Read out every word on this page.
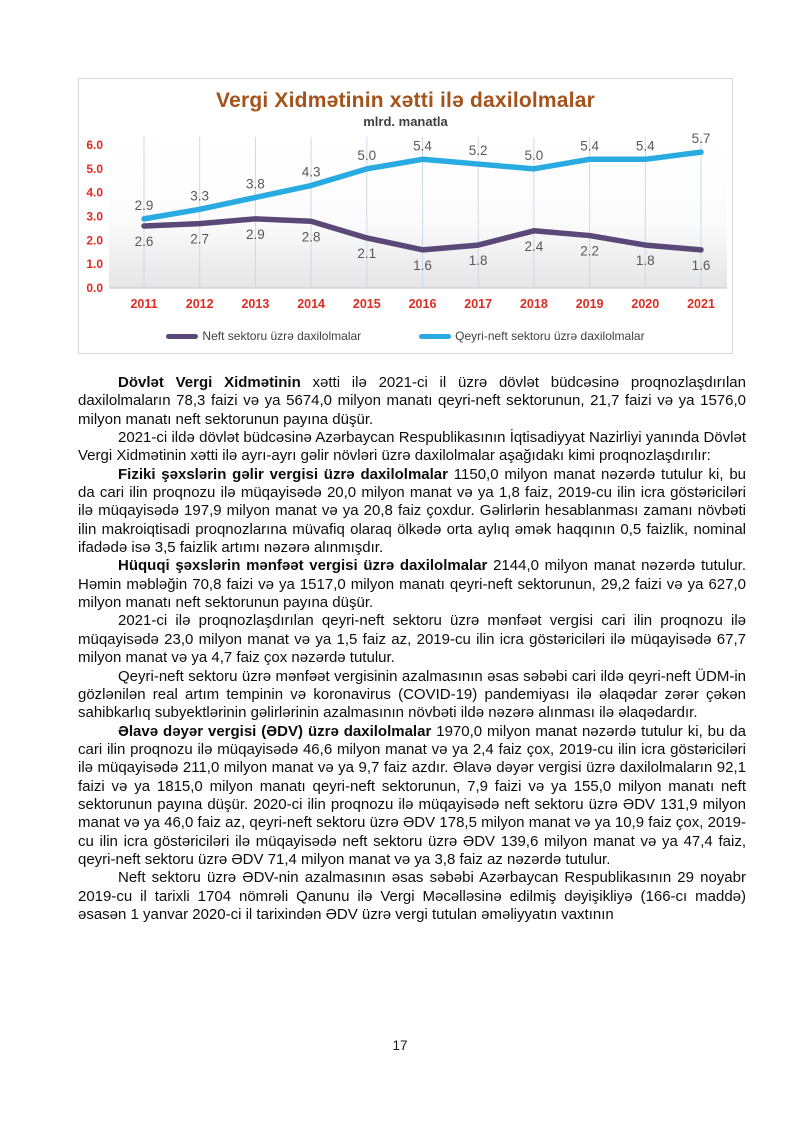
Vergi Xidmətinin xətti ilə daxilolmalar
mlrd. manatla
0.0
1.0
2.0
3.0
4.0
5.0
6.0
2011 2012 2013 2014 2015 2016 2017 2018 2019 2020 2021
2.6	2.7	2.9	2.8
2.1
1.6	1.8
2.4	2.2
1.8	1.6
2.9
3.3
3.8
4.3
5.0
5.4	5.2	5.0
5.4	5.4	5.7
Neft sektoru üzrə daxilolmalar	Qeyri-neft sektoru üzrə daxilolmalar

Dövlət Vergi Xidmətinin xətti ilə 2021-ci il üzrə dövlət büdcəsinə proqnozlaşdırılan daxilolmaların 78,3 faizi və ya 5674,0 milyon manatı qeyri-neft sektorunun, 21,7 faizi və ya 1576,0 milyon manatı neft sektorunun payına düşür.

2021-ci ildə dövlət büdcəsinə Azərbaycan Respublikasının İqtisadiyyat Nazirliyi yanında Dövlət Vergi Xidmətinin xətti ilə ayrı-ayrı gəlir növləri üzrə daxilolmalar aşağıdakı kimi proqnozlaşdırılır:

Fiziki şəxslərin gəlir vergisi üzrə daxilolmalar 1150,0 milyon manat nəzərdə tutulur ki, bu da cari ilin proqnozu ilə müqayisədə 20,0 milyon manat və ya 1,8 faiz, 2019-cu ilin icra göstəriciləri ilə müqayisədə 197,9 milyon manat və ya 20,8 faiz çoxdur. Gəlirlərin hesablanması zamanı növbəti ilin makroiqtisadi proqnozlarına müvafiq olaraq ölkədə orta aylıq əmək haqqının 0,5 faizlik, nominal ifadədə isə 3,5 faizlik artımı nəzərə alınmışdır.

Hüquqi şəxslərin mənfəət vergisi üzrə daxilolmalar 2144,0 milyon manat nəzərdə tutulur. Həmin məbləğin 70,8 faizi və ya 1517,0 milyon manatı qeyri-neft sektorunun, 29,2 faizi və ya 627,0 milyon manatı neft sektorunun payına düşür.

2021-ci ilə proqnozlaşdırılan qeyri-neft sektoru üzrə mənfəət vergisi cari ilin proqnozu ilə müqayisədə 23,0 milyon manat və ya 1,5 faiz az, 2019-cu ilin icra göstəriciləri ilə müqayisədə 67,7 milyon manat və ya 4,7 faiz çox nəzərdə tutulur.

Qeyri-neft sektoru üzrə mənfəət vergisinin azalmasının əsas səbəbi cari ildə qeyri-neft ÜDM-in gözlənilən real artım tempinin və koronavirus (COVID-19) pandemiyası ilə əlaqədar zərər çəkən sahibkarlıq subyektlərinin gəlirlərinin azalmasının növbəti ildə nəzərə alınması ilə əlaqədardır.

Əlavə dəyər vergisi (ƏDV) üzrə daxilolmalar 1970,0 milyon manat nəzərdə tutulur ki, bu da cari ilin proqnozu ilə müqayisədə 46,6 milyon manat və ya 2,4 faiz çox, 2019-cu ilin icra göstəriciləri ilə müqayisədə 211,0 milyon manat və ya 9,7 faiz azdır. Əlavə dəyər vergisi üzrə daxilolmaların 92,1 faizi və ya 1815,0 milyon manatı qeyri-neft sektorunun, 7,9 faizi və ya 155,0 milyon manatı neft sektorunun payına düşür. 2020-ci ilin proqnozu ilə müqayisədə neft sektoru üzrə ƏDV 131,9 milyon manat və ya 46,0 faiz az, qeyri-neft sektoru üzrə ƏDV 178,5 milyon manat və ya 10,9 faiz çox, 2019-cu ilin icra göstəriciləri ilə müqayisədə neft sektoru üzrə ƏDV 139,6 milyon manat və ya 47,4 faiz, qeyri-neft sektoru üzrə ƏDV 71,4 milyon manat və ya 3,8 faiz az nəzərdə tutulur.

Neft sektoru üzrə ƏDV-nin azalmasının əsas səbəbi Azərbaycan Respublikasının 29 noyabr 2019-cu il tarixli 1704 nömrəli Qanunu ilə Vergi Məcəlləsinə edilmiş dəyişikliyə (166-cı maddə) əsasən 1 yanvar 2020-ci il tarixindən ƏDV üzrə vergi tutulan əməliyyatın vaxtının

17
